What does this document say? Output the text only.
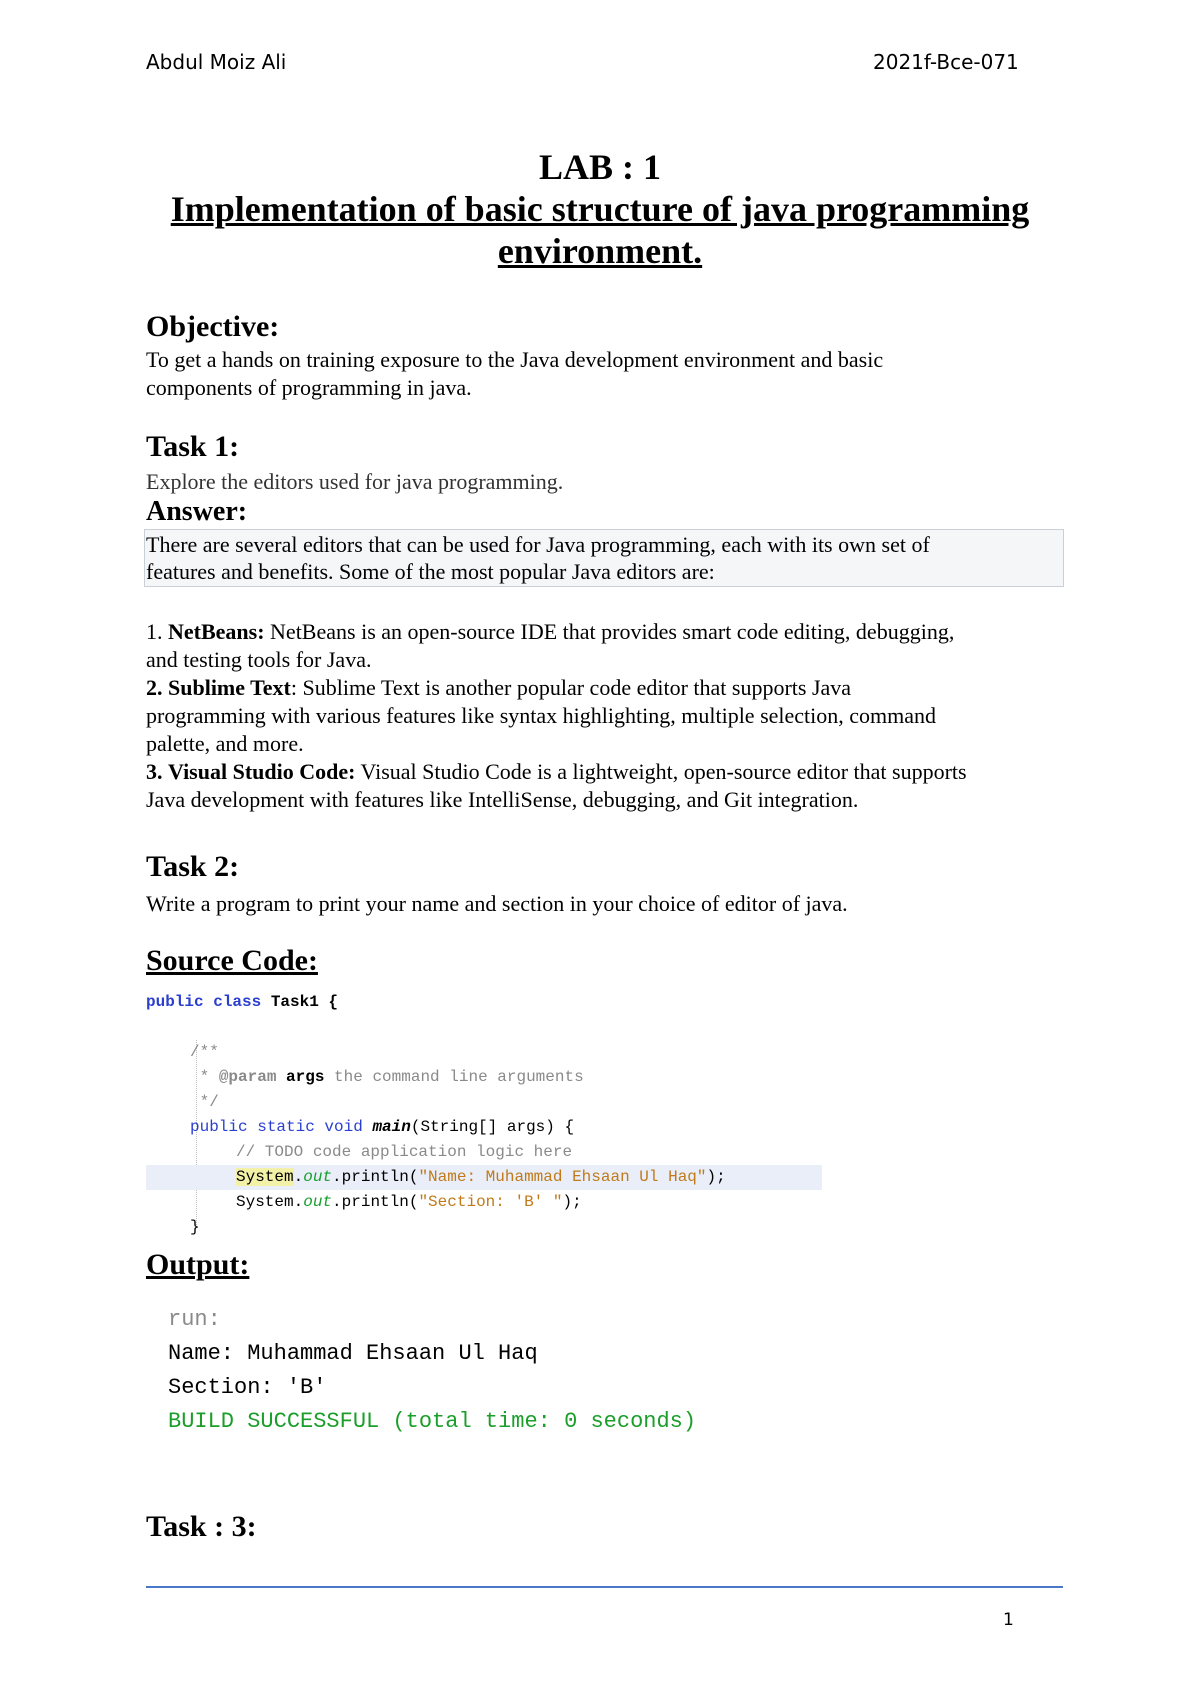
Abdul Moiz Ali	2021f-Bce-071
LAB : 1
Implementation of basic structure of java programming
environment.
Objective:
To get a hands on training exposure to the Java development environment and basic
components of programming in java.
Task 1:
Explore the editors used for java programming.
Answer:
There are several editors that can be used for Java programming, each with its own set of
features and benefits. Some of the most popular Java editors are:
1. NetBeans: NetBeans is an open-source IDE that provides smart code editing, debugging,
and testing tools for Java.
2. Sublime Text: Sublime Text is another popular code editor that supports Java
programming with various features like syntax highlighting, multiple selection, command
palette, and more.
3. Visual Studio Code: Visual Studio Code is a lightweight, open-source editor that supports
Java development with features like IntelliSense, debugging, and Git integration.
Task 2:
Write a program to print your name and section in your choice of editor of java.
Source Code:
public class Task1 {
/**
* @param args the command line arguments
*/
public static void main(String[] args) {
// TODO code application logic here
System.out.println("Name: Muhammad Ehsaan Ul Haq");
System.out.println("Section: 'B' ");
}
Output:
run:
Name: Muhammad Ehsaan Ul Haq
Section: 'B'
BUILD SUCCESSFUL (total time: 0 seconds)
Task : 3:
1
